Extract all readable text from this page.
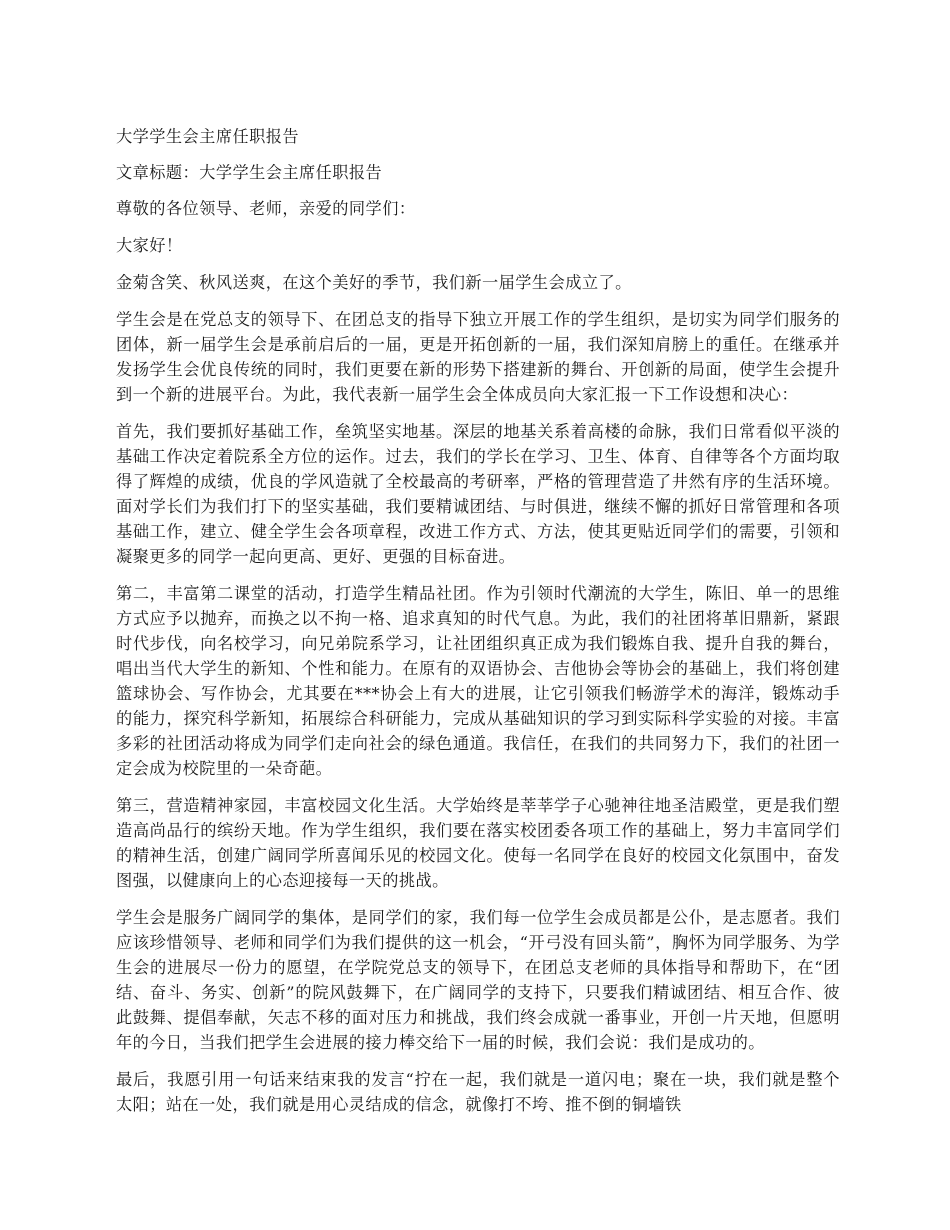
大学学生会主席任职报告

文章标题：大学学生会主席任职报告

尊敬的各位领导、老师，亲爱的同学们：

大家好！

金菊含笑、秋风送爽，在这个美好的季节，我们新一届学生会成立了。

学生会是在党总支的领导下、在团总支的指导下独立开展工作的学生组织，是切实为同学们服务的团体，新一届学生会是承前启后的一届，更是开拓创新的一届，我们深知肩膀上的重任。在继承并发扬学生会优良传统的同时，我们更要在新的形势下搭建新的舞台、开创新的局面，使学生会提升到一个新的进展平台。为此，我代表新一届学生会全体成员向大家汇报一下工作设想和决心：

首先，我们要抓好基础工作，垒筑坚实地基。深层的地基关系着高楼的命脉，我们日常看似平淡的基础工作决定着院系全方位的运作。过去，我们的学长在学习、卫生、体育、自律等各个方面均取得了辉煌的成绩，优良的学风造就了全校最高的考研率，严格的管理营造了井然有序的生活环境。面对学长们为我们打下的坚实基础，我们要精诚团结、与时俱进，继续不懈的抓好日常管理和各项基础工作，建立、健全学生会各项章程，改进工作方式、方法，使其更贴近同学们的需要，引领和凝聚更多的同学一起向更高、更好、更强的目标奋进。

第二，丰富第二课堂的活动，打造学生精品社团。作为引领时代潮流的大学生，陈旧、单一的思维方式应予以抛弃，而换之以不拘一格、追求真知的时代气息。为此，我们的社团将革旧鼎新，紧跟时代步伐，向名校学习，向兄弟院系学习，让社团组织真正成为我们锻炼自我、提升自我的舞台，唱出当代大学生的新知、个性和能力。在原有的双语协会、吉他协会等协会的基础上，我们将创建篮球协会、写作协会，尤其要在***协会上有大的进展，让它引领我们畅游学术的海洋，锻炼动手的能力，探究科学新知，拓展综合科研能力，完成从基础知识的学习到实际科学实验的对接。丰富多彩的社团活动将成为同学们走向社会的绿色通道。我信任，在我们的共同努力下，我们的社团一定会成为校院里的一朵奇葩。

第三，营造精神家园，丰富校园文化生活。大学始终是莘莘学子心驰神往地圣洁殿堂，更是我们塑造高尚品行的缤纷天地。作为学生组织，我们要在落实校团委各项工作的基础上，努力丰富同学们的精神生活，创建广阔同学所喜闻乐见的校园文化。使每一名同学在良好的校园文化氛围中，奋发图强，以健康向上的心态迎接每一天的挑战。

学生会是服务广阔同学的集体，是同学们的家，我们每一位学生会成员都是公仆，是志愿者。我们应该珍惜领导、老师和同学们为我们提供的这一机会，“开弓没有回头箭”，胸怀为同学服务、为学生会的进展尽一份力的愿望，在学院党总支的领导下，在团总支老师的具体指导和帮助下，在“团结、奋斗、务实、创新”的院风鼓舞下，在广阔同学的支持下，只要我们精诚团结、相互合作、彼此鼓舞、提倡奉献，矢志不移的面对压力和挑战，我们终会成就一番事业，开创一片天地，但愿明年的今日，当我们把学生会进展的接力棒交给下一届的时候，我们会说：我们是成功的。

最后，我愿引用一句话来结束我的发言“拧在一起，我们就是一道闪电；聚在一块，我们就是整个太阳；站在一处，我们就是用心灵结成的信念，就像打不垮、推不倒的铜墙铁
